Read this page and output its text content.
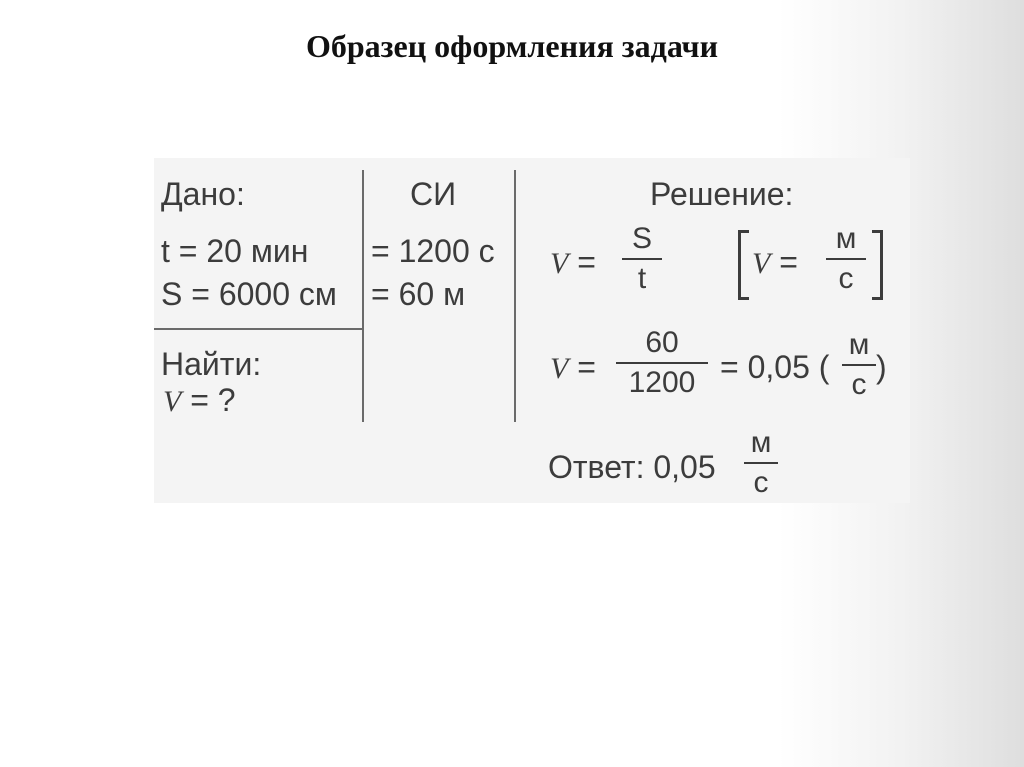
Образец оформления задачи
Дано:
t = 20 мин
S = 6000 см
Найти:
V = ?
СИ
= 1200 с
= 60 м
Решение:
V =
S
t	V =
м
с
V =
60
1200 = 0,05 (
м
с )
Ответ: 0,05
м
с
